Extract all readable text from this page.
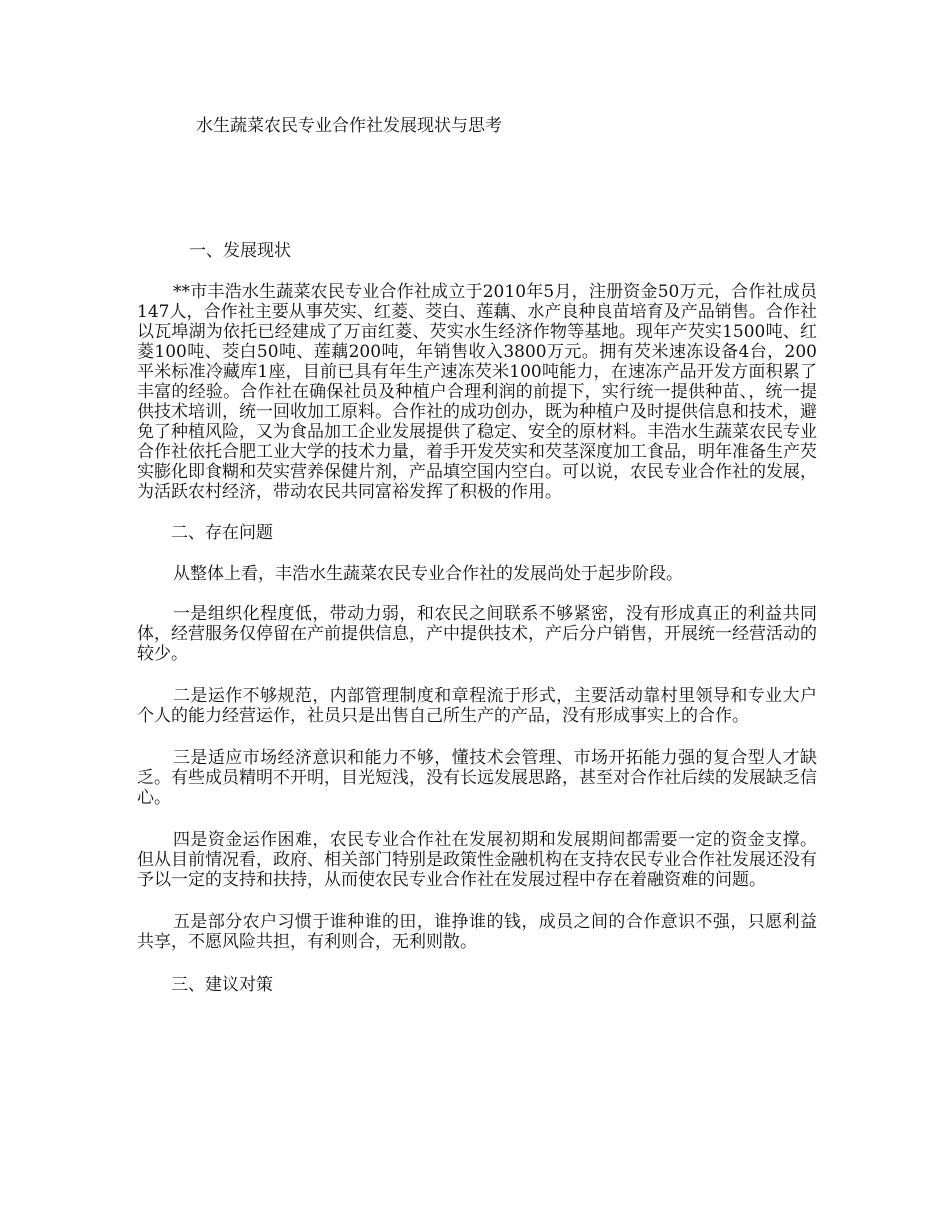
水生蔬菜农民专业合作社发展现状与思考
一、发展现状

**市丰浩水生蔬菜农民专业合作社成立于2010年5月，注册资金50万元，合作社成员147人，合作社主要从事芡实、红菱、茭白、莲藕、水产良种良苗培育及产品销售。合作社以瓦埠湖为依托已经建成了万亩红菱、芡实水生经济作物等基地。现年产芡实1500吨、红菱100吨、茭白50吨、莲藕200吨，年销售收入3800万元。拥有芡米速冻设备4台，200平米标准冷藏库1座，目前已具有年生产速冻芡米100吨能力，在速冻产品开发方面积累了丰富的经验。合作社在确保社员及种植户合理利润的前提下，实行统一提供种苗、，统一提供技术培训，统一回收加工原料。合作社的成功创办，既为种植户及时提供信息和技术，避免了种植风险，又为食品加工企业发展提供了稳定、安全的原材料。丰浩水生蔬菜农民专业合作社依托合肥工业大学的技术力量，着手开发芡实和芡茎深度加工食品，明年准备生产芡实膨化即食糊和芡实营养保健片剂，产品填空国内空白。可以说，农民专业合作社的发展，为活跃农村经济，带动农民共同富裕发挥了积极的作用。

二、存在问题

从整体上看，丰浩水生蔬菜农民专业合作社的发展尚处于起步阶段。

一是组织化程度低，带动力弱，和农民之间联系不够紧密，没有形成真正的利益共同体，经营服务仅停留在产前提供信息，产中提供技术，产后分户销售，开展统一经营活动的较少。

二是运作不够规范，内部管理制度和章程流于形式，主要活动靠村里领导和专业大户个人的能力经营运作，社员只是出售自己所生产的产品，没有形成事实上的合作。

三是适应市场经济意识和能力不够，懂技术会管理、市场开拓能力强的复合型人才缺乏。有些成员精明不开明，目光短浅，没有长远发展思路，甚至对合作社后续的发展缺乏信心。

四是资金运作困难，农民专业合作社在发展初期和发展期间都需要一定的资金支撑。但从目前情况看，政府、相关部门特别是政策性金融机构在支持农民专业合作社发展还没有予以一定的支持和扶持，从而使农民专业合作社在发展过程中存在着融资难的问题。

五是部分农户习惯于谁种谁的田，谁挣谁的钱，成员之间的合作意识不强，只愿利益共享，不愿风险共担，有利则合，无利则散。

三、建议对策
